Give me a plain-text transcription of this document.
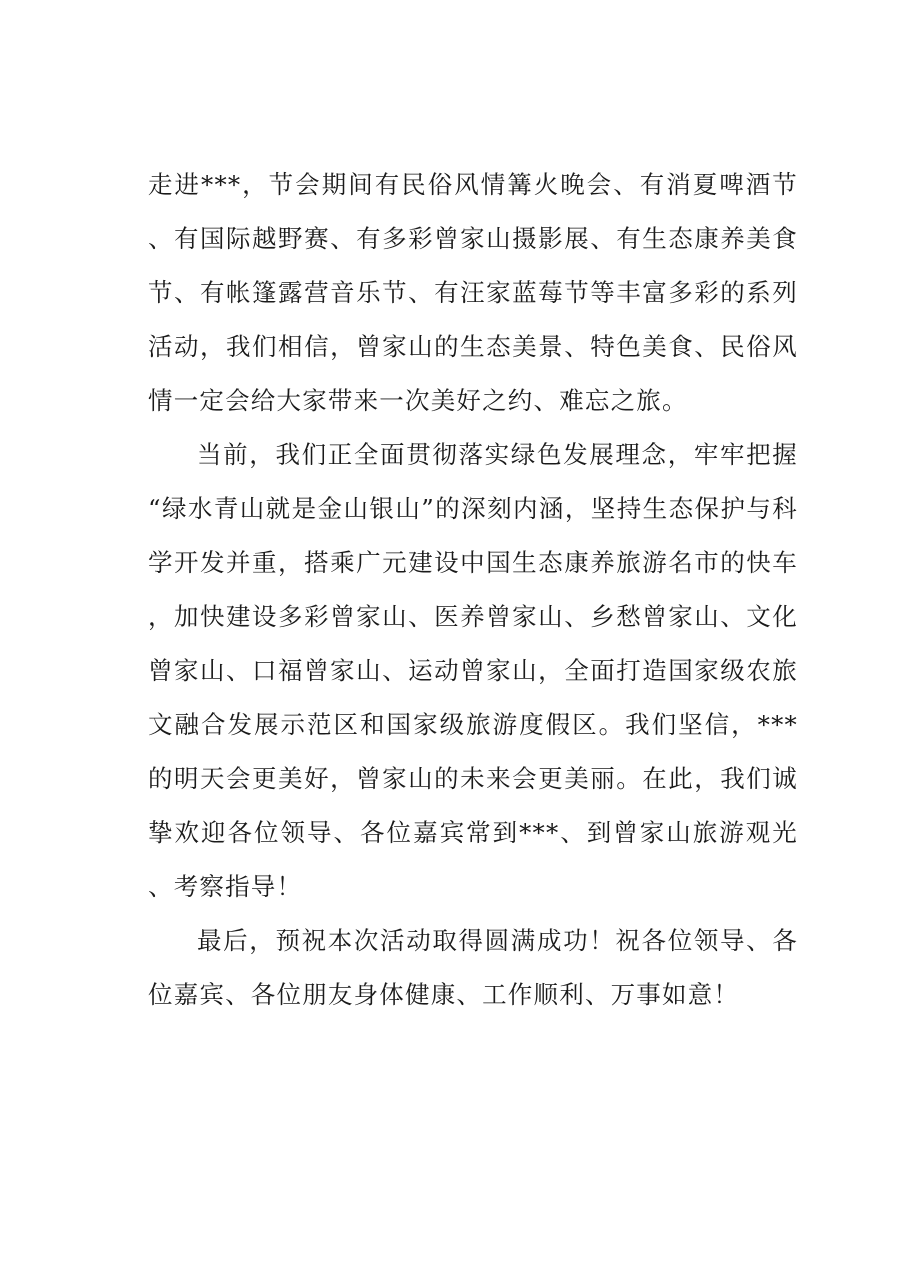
走进***，节会期间有民俗风情篝火晚会、有消夏啤酒节、有国际越野赛、有多彩曾家山摄影展、有生态康养美食节、有帐篷露营音乐节、有汪家蓝莓节等丰富多彩的系列活动，我们相信，曾家山的生态美景、特色美食、民俗风情一定会给大家带来一次美好之约、难忘之旅。

当前，我们正全面贯彻落实绿色发展理念，牢牢把握“绿水青山就是金山银山”的深刻内涵，坚持生态保护与科学开发并重，搭乘广元建设中国生态康养旅游名市的快车，加快建设多彩曾家山、医养曾家山、乡愁曾家山、文化曾家山、口福曾家山、运动曾家山，全面打造国家级农旅文融合发展示范区和国家级旅游度假区。我们坚信，***的明天会更美好，曾家山的未来会更美丽。在此，我们诚挚欢迎各位领导、各位嘉宾常到***、到曾家山旅游观光、考察指导！

最后，预祝本次活动取得圆满成功！祝各位领导、各位嘉宾、各位朋友身体健康、工作顺利、万事如意！
